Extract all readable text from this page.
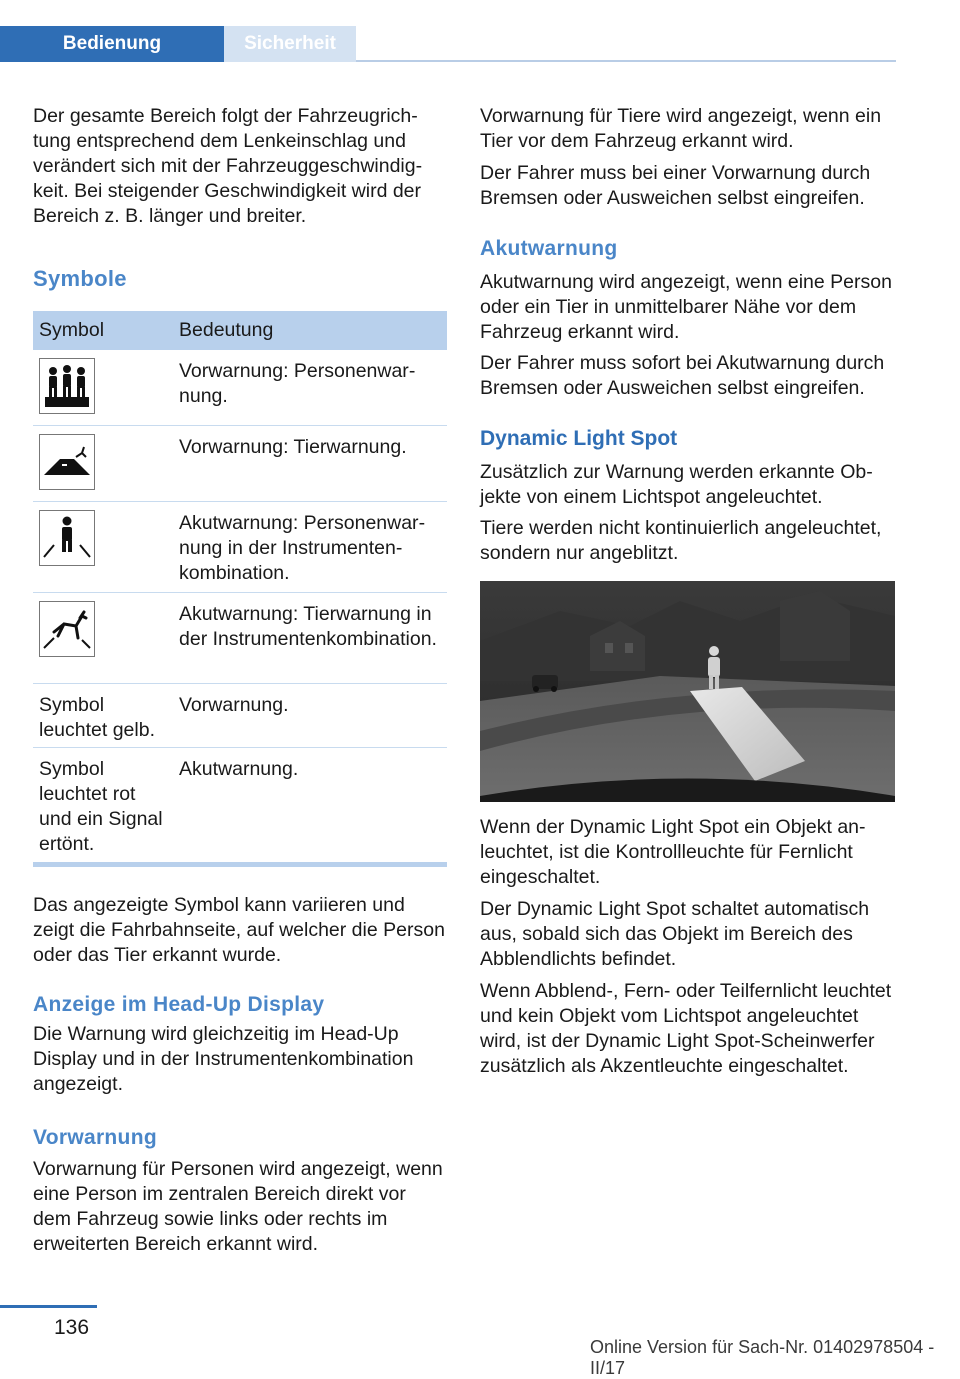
Bedienung	Sicherheit

Der gesamte Bereich folgt der Fahrzeugrichtung entsprechend dem Lenkeinschlag und verändert sich mit der Fahrzeuggeschwindigkeit. Bei steigender Geschwindigkeit wird der Bereich z. B. länger und breiter.

Symbole
Symbol	Bedeutung
Vorwarnung: Personenwarnung.
Vorwarnung: Tierwarnung.
Akutwarnung: Personenwarnung in der Instrumentenkombination.
Akutwarnung: Tierwarnung in der Instrumentenkombination.
Symbol leuchtet gelb.
Vorwarnung.
Symbol leuchtet rot und ein Signal ertönt.
Akutwarnung.

Das angezeigte Symbol kann variieren und zeigt die Fahrbahnseite, auf welcher die Person oder das Tier erkannt wurde.

Anzeige im Head-Up Display

Die Warnung wird gleichzeitig im Head-Up Display und in der Instrumentenkombination angezeigt.

Vorwarnung

Vorwarnung für Personen wird angezeigt, wenn eine Person im zentralen Bereich direkt vor dem Fahrzeug sowie links oder rechts im erweiterten Bereich erkannt wird.

Vorwarnung für Tiere wird angezeigt, wenn ein Tier vor dem Fahrzeug erkannt wird.

Der Fahrer muss bei einer Vorwarnung durch Bremsen oder Ausweichen selbst eingreifen.

Akutwarnung

Akutwarnung wird angezeigt, wenn eine Person oder ein Tier in unmittelbarer Nähe vor dem Fahrzeug erkannt wird.

Der Fahrer muss sofort bei Akutwarnung durch Bremsen oder Ausweichen selbst eingreifen.

Dynamic Light Spot

Zusätzlich zur Warnung werden erkannte Objekte von einem Lichtspot angeleuchtet.

Tiere werden nicht kontinuierlich angeleuchtet, sondern nur angeblitzt.

Wenn der Dynamic Light Spot ein Objekt anleuchtet, ist die Kontrollleuchte für Fernlicht eingeschaltet.

Der Dynamic Light Spot schaltet automatisch aus, sobald sich das Objekt im Bereich des Abblendlichts befindet.

Wenn Abblend-, Fern- oder Teilfernlicht leuchtet und kein Objekt vom Lichtspot angeleuchtet wird, ist der Dynamic Light Spot-Scheinwerfer zusätzlich als Akzentleuchte eingeschaltet.

136
Online Version für Sach-Nr. 01402978504 - II/17
